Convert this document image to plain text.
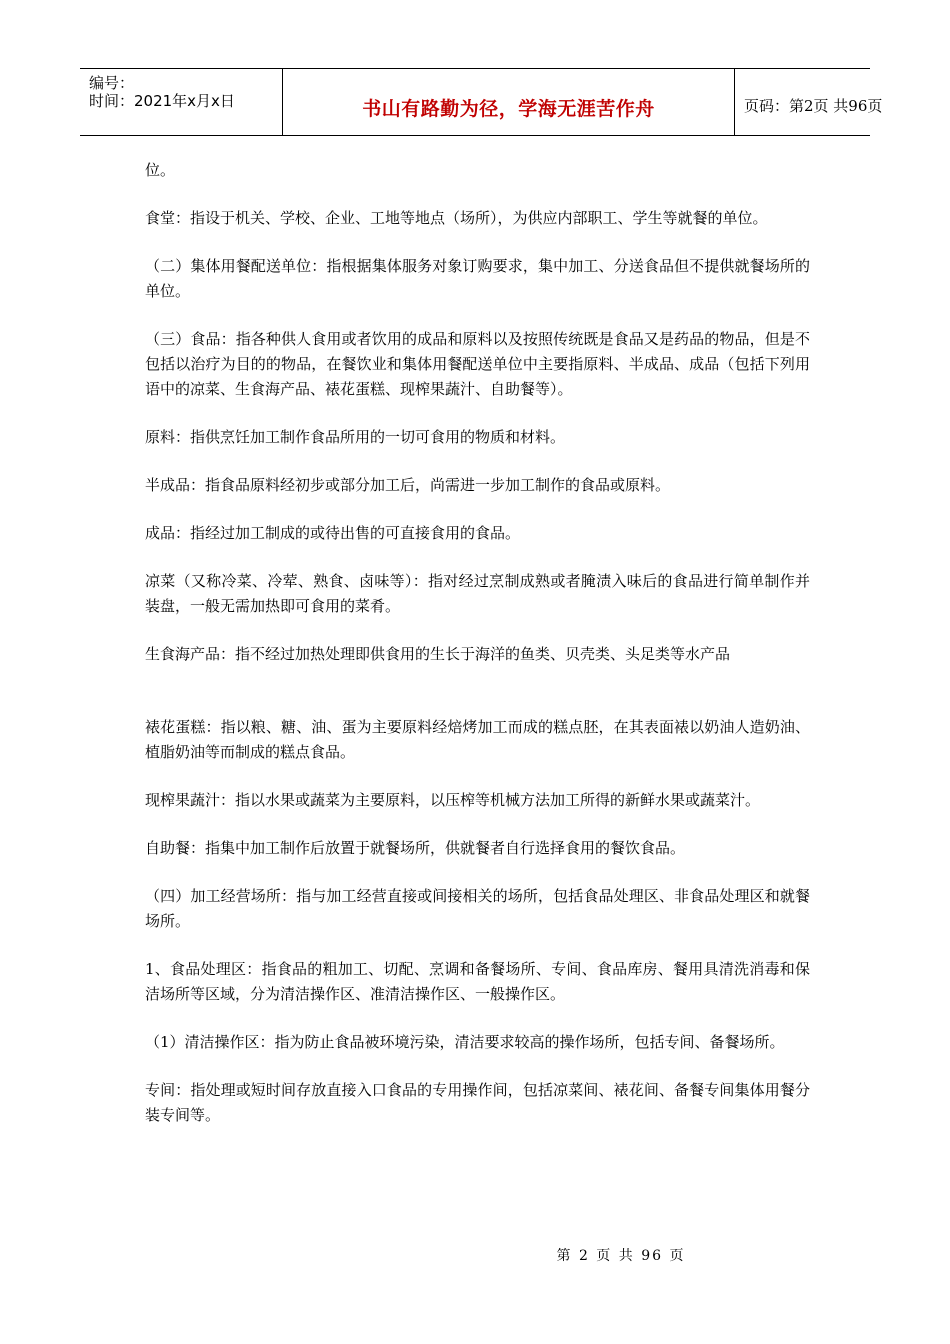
编号：
时间：2021年x月x日	书山有路勤为径，学海无涯苦作舟	页码：第2页 共96页

位。

食堂：指设于机关、学校、企业、工地等地点（场所），为供应内部职工、学生等就餐的单位。

（二）集体用餐配送单位：指根据集体服务对象订购要求，集中加工、分送食品但不提供就餐场所的单位。

（三）食品：指各种供人食用或者饮用的成品和原料以及按照传统既是食品又是药品的物品，但是不包括以治疗为目的的物品，在餐饮业和集体用餐配送单位中主要指原料、半成品、成品（包括下列用语中的凉菜、生食海产品、裱花蛋糕、现榨果蔬汁、自助餐等）。

原料：指供烹饪加工制作食品所用的一切可食用的物质和材料。

半成品：指食品原料经初步或部分加工后，尚需进一步加工制作的食品或原料。

成品：指经过加工制成的或待出售的可直接食用的食品。

凉菜（又称冷菜、冷荤、熟食、卤味等）：指对经过烹制成熟或者腌渍入味后的食品进行简单制作并装盘，一般无需加热即可食用的菜肴。

生食海产品：指不经过加热处理即供食用的生长于海洋的鱼类、贝壳类、头足类等水产品

裱花蛋糕：指以粮、糖、油、蛋为主要原料经焙烤加工而成的糕点胚，在其表面裱以奶油人造奶油、植脂奶油等而制成的糕点食品。

现榨果蔬汁：指以水果或蔬菜为主要原料，以压榨等机械方法加工所得的新鲜水果或蔬菜汁。

自助餐：指集中加工制作后放置于就餐场所，供就餐者自行选择食用的餐饮食品。

（四）加工经营场所：指与加工经营直接或间接相关的场所，包括食品处理区、非食品处理区和就餐场所。

1、食品处理区：指食品的粗加工、切配、烹调和备餐场所、专间、食品库房、餐用具清洗消毒和保洁场所等区域，分为清洁操作区、准清洁操作区、一般操作区。

（1）清洁操作区：指为防止食品被环境污染，清洁要求较高的操作场所，包括专间、备餐场所。

专间：指处理或短时间存放直接入口食品的专用操作间，包括凉菜间、裱花间、备餐专间集体用餐分装专间等。

第 2 页 共 96 页
